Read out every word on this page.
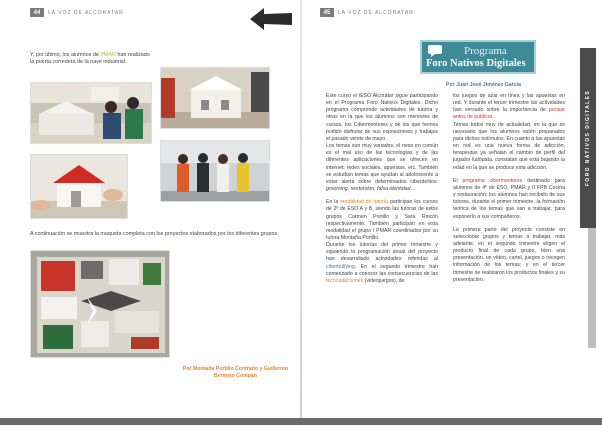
44	LA VOZ DE ALCORATAR
Y, por último, los alumnos de PMAR han realizado la puerta corredera de la nave industrial.
A continuación se muestra la maqueta completa con los proyectos elaborados por los diferentes grupos.
Por Montaña Portillo Contrado y Guillermo Bermejo Compán
45	LA VOZ DE ALCORATAR
Programa
Foro Nativos Digitales
Por Juan José Jiménez García

Este curso el IESO Alcorátar sigue participando en el Programa Foro Nativos Digitales. Dicho programa comprende actividades de tutoría y otras en la que los alumnos son mentores de cursos, los Cibermentores y de los que hemos podido disfrutar de sus exposiciones y trabajos el pasado veinte de mayo.

Los temas son muy variados, el nexo en común es el mal uso de las tecnologías y de las diferentes aplicaciones que se ofrecen en internet: redes sociales, apuestas, etc. También se estudian temas que ayudan al adolescente a estar alerta sobre determinados ciberdelitos: grooming, sextorsion, falsa identidad…

En la modalidad de tutoría participan los cursos de 2º de ESO A y B, siendo las tutoras de estos grupos Carmen Portillo y Sara Rincón respectivamente. También participan en esta modalidad el grupo I PMAR coordinados por su tutora Montaña Portillo.

Durante los tutorías del primer trimestre y siguiendo la programación anual del proyecto han desarrollado actividades referidas al ciberbullying. En el segundo trimestre han comenzado a conocer las consecuencias de las tecnoadicciones (videojuegos), de

los juegos de azar en línea y las apuestas en red. Y durante el tercer trimestre las actividades han versado sobre la importancia de pensar antes de publicar.

Temas todos muy de actualidad, en la que es necesario que los alumnos estén preparados para dichos estímulos. En cuanto a las apuestas en red es una nueva forma de adicción, terapeutas ya señalan el cambio de perfil del jugador ludópata, constatan que está bajando la edad en la que se produce esta adicción.

El programa cibermentores destinado para alumnos de 4º de ESO, PMAR y II FPB Cocina y restauración; los alumnos han recibido de sus tutores, durante el primer trimestre, la formación teórica de los temas que van a trabajar, para exponerlo a sus compañeros.

La primera parte del proyecto consiste en seleccionar grupos y temas a trabajar, más adelante, en el segundo trimestre eligen el producto final de cada grupo, bien una presentación, un vídeo, cartel, juegos o recogen información de los temas; y en el tercer trimestre se realizaron los productos finales y su presentación.

FORO NATIVOS DIGITALES
